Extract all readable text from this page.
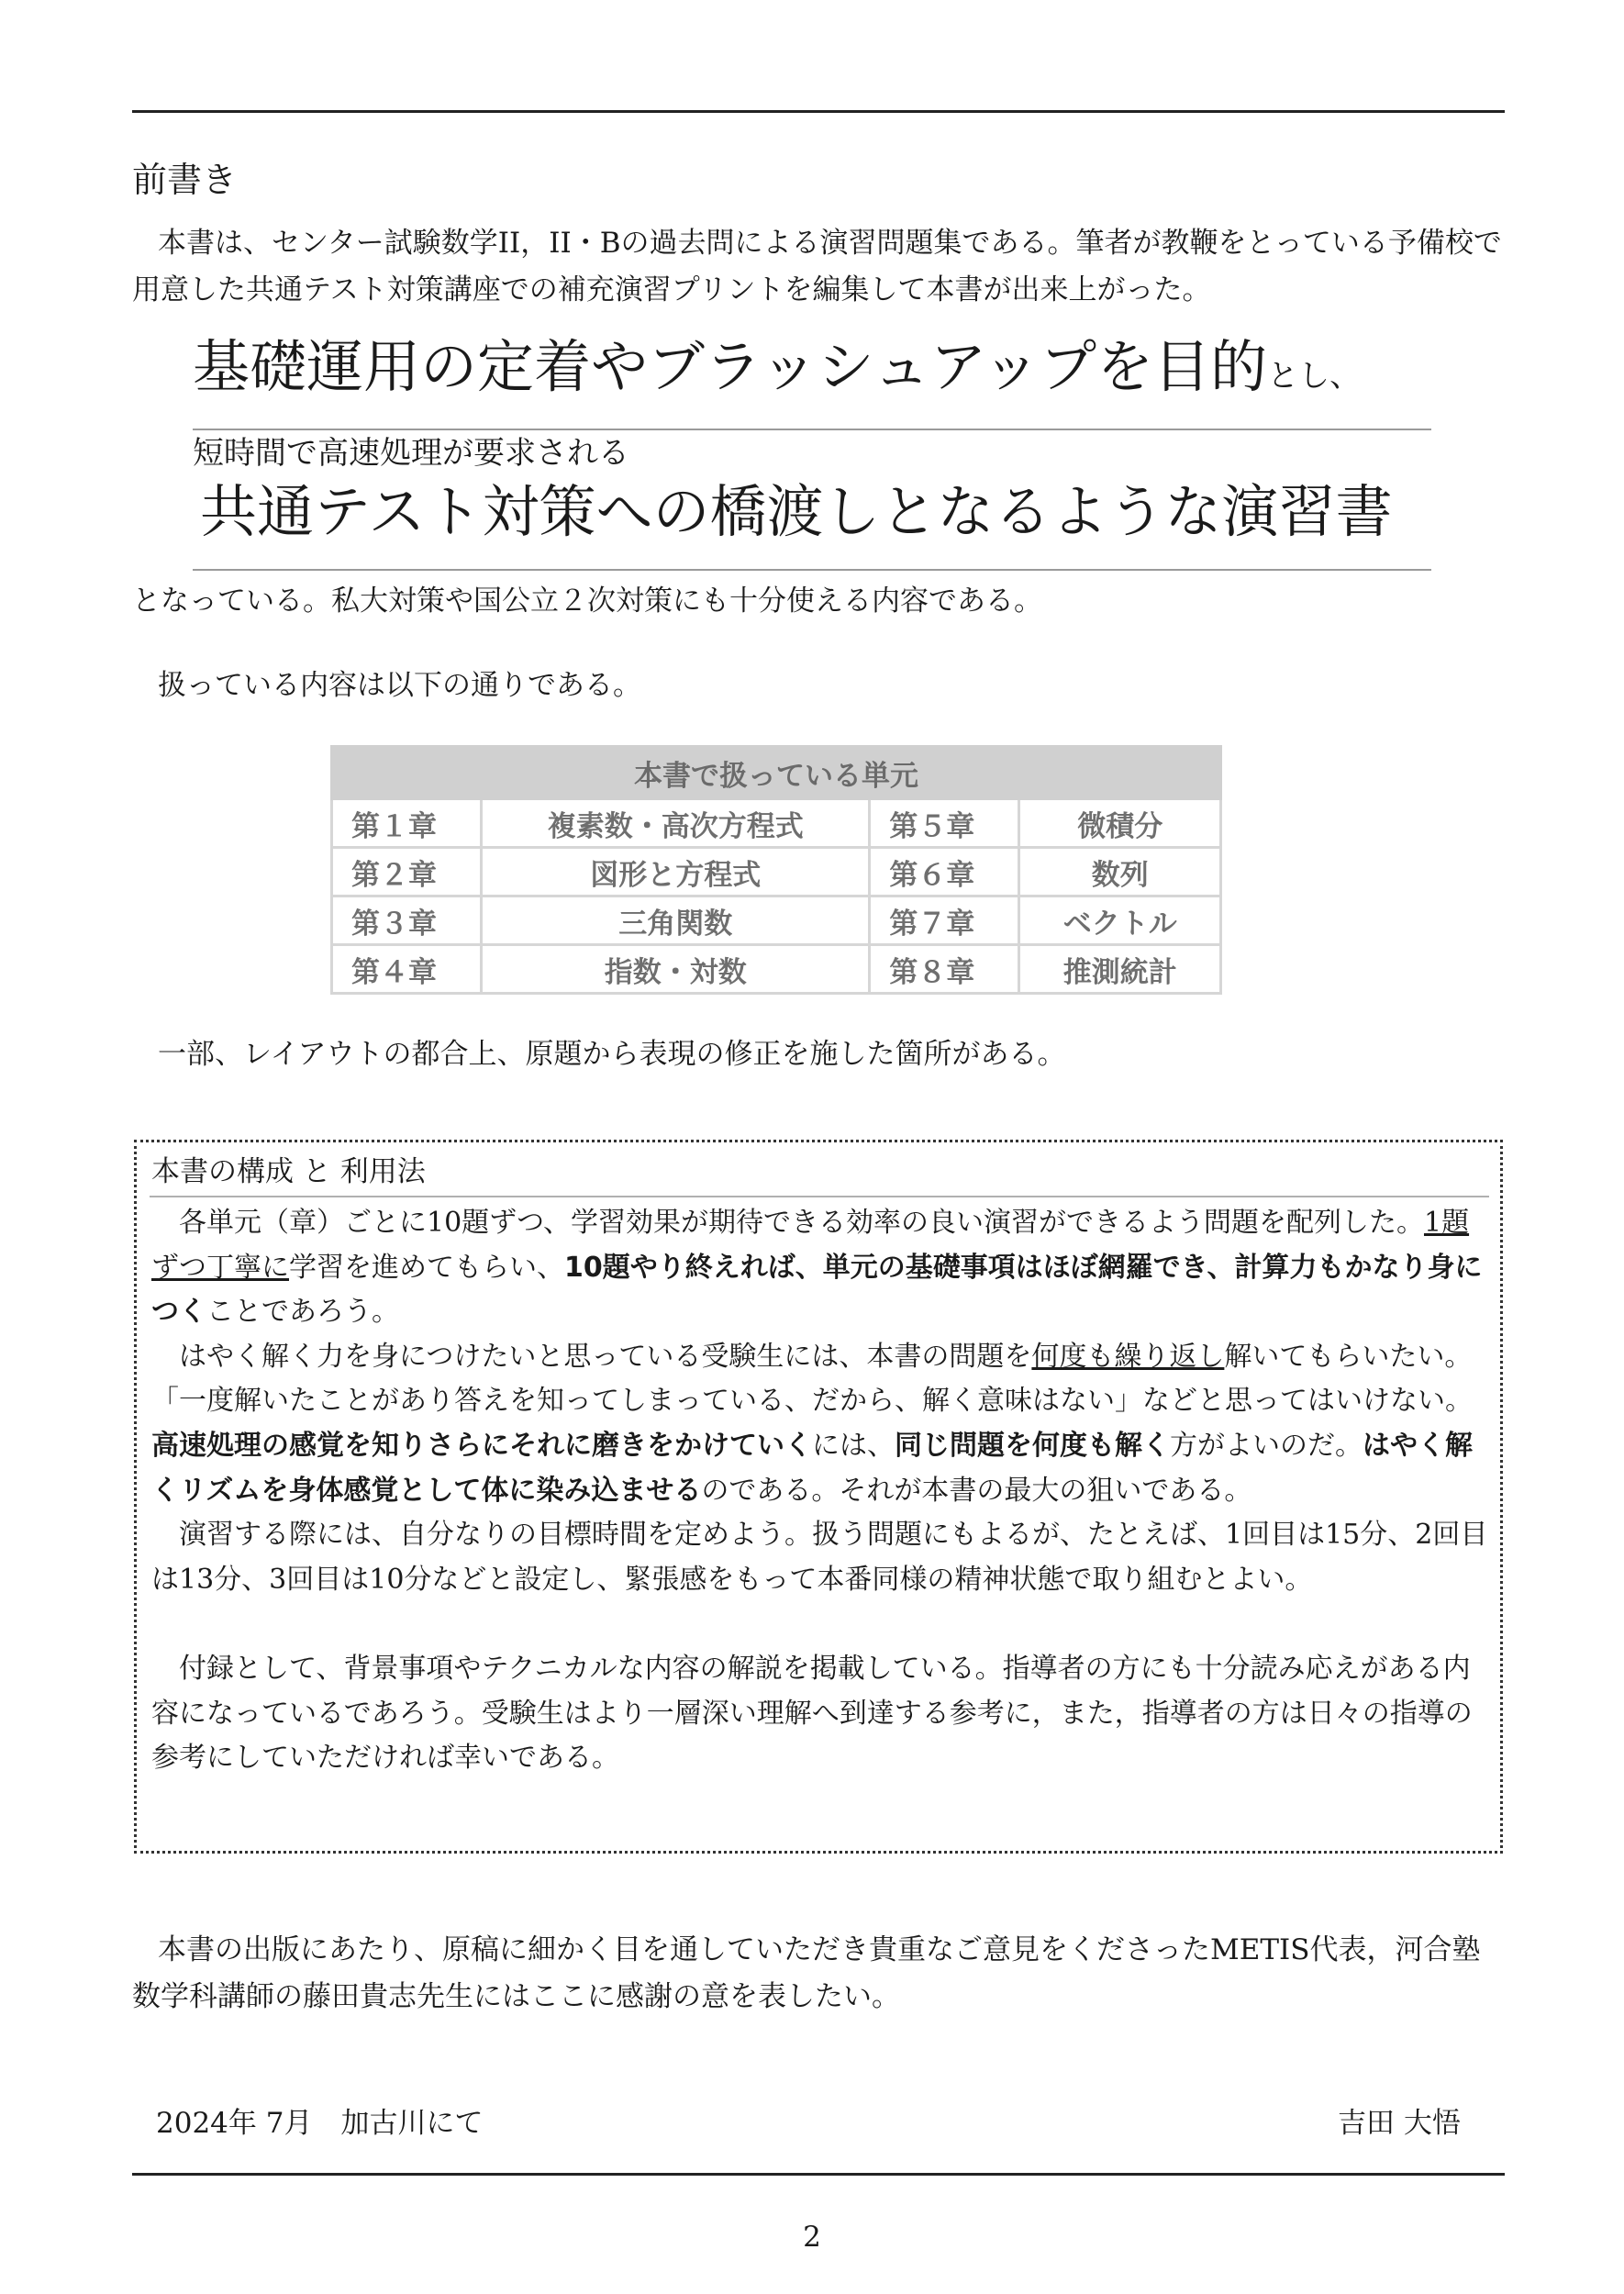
前書き

本書は、センター試験数学II，II・Bの過去問による演習問題集である。筆者が教鞭をとっている予備校で用意した共通テスト対策講座での補充演習プリントを編集して本書が出来上がった。

基礎運用の定着やブラッシュアップを目的とし、
短時間で高速処理が要求される
共通テスト対策への橋渡しとなるような演習書

となっている。私大対策や国公立２次対策にも十分使える内容である。

扱っている内容は以下の通りである。

本書で扱っている単元			
第１章	複素数・高次方程式	第５章	微積分
第２章	図形と方程式	第６章	数列
第３章	三角関数	第７章	ベクトル
第４章	指数・対数	第８章	推測統計

一部、レイアウトの都合上、原題から表現の修正を施した箇所がある。

本書の構成 と 利用法
各単元（章）ごとに10題ずつ、学習効果が期待できる効率の良い演習ができるよう問題を配列した。1題ずつ丁寧に学習を進めてもらい、10題やり終えれば、単元の基礎事項はほぼ網羅でき、計算力もかなり身につくことであろう。
はやく解く力を身につけたいと思っている受験生には、本書の問題を何度も繰り返し解いてもらいたい。「一度解いたことがあり答えを知ってしまっている、だから、解く意味はない」などと思ってはいけない。高速処理の感覚を知りさらにそれに磨きをかけていくには、同じ問題を何度も解く方がよいのだ。はやく解くリズムを身体感覚として体に染み込ませるのである。それが本書の最大の狙いである。
演習する際には、自分なりの目標時間を定めよう。扱う問題にもよるが、たとえば、1回目は15分、2回目は13分、3回目は10分などと設定し、緊張感をもって本番同様の精神状態で取り組むとよい。
付録として、背景事項やテクニカルな内容の解説を掲載している。指導者の方にも十分読み応えがある内容になっているであろう。受験生はより一層深い理解へ到達する参考に，また，指導者の方は日々の指導の参考にしていただければ幸いである。

本書の出版にあたり、原稿に細かく目を通していただき貴重なご意見をくださったMETIS代表，河合塾数学科講師の藤田貴志先生にはここに感謝の意を表したい。

2024年 7月　加古川にて	吉田 大悟
2
